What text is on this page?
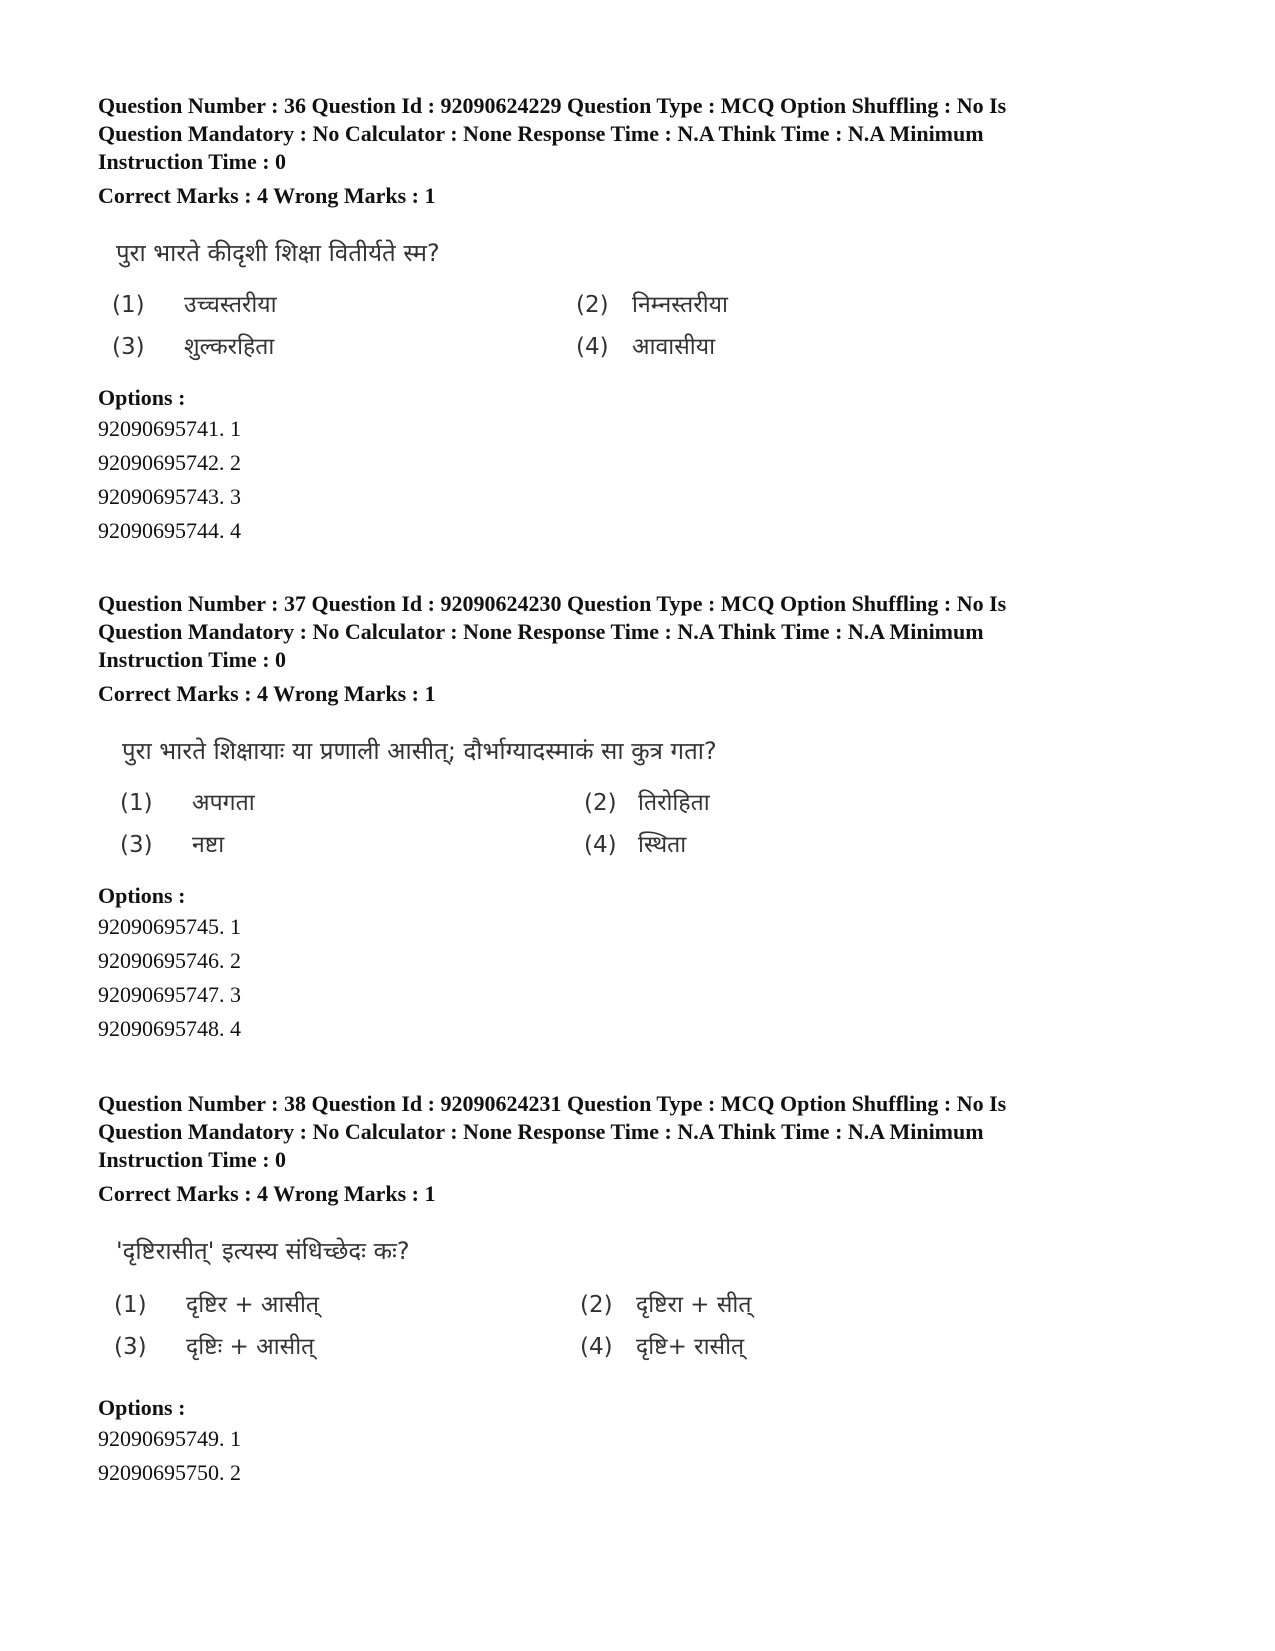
Question Number : 36 Question Id : 92090624229 Question Type : MCQ Option Shuffling : No Is
Question Mandatory : No Calculator : None Response Time : N.A Think Time : N.A Minimum
Instruction Time : 0
Correct Marks : 4 Wrong Marks : 1
पुरा भारते कीदृशी शिक्षा वितीर्यते स्म?
(1) उच्चस्तरीया	(2) निम्नस्तरीया
(3) शुल्करहिता	(4) आवासीया
Options :
92090695741. 1
92090695742. 2
92090695743. 3
92090695744. 4
Question Number : 37 Question Id : 92090624230 Question Type : MCQ Option Shuffling : No Is
Question Mandatory : No Calculator : None Response Time : N.A Think Time : N.A Minimum
Instruction Time : 0
Correct Marks : 4 Wrong Marks : 1
पुरा भारते शिक्षायाः या प्रणाली आसीत्; दौर्भाग्यादस्माकं सा कुत्र गता?
(1) अपगता	(2) तिरोहिता
(3) नष्टा	(4) स्थिता
Options :
92090695745. 1
92090695746. 2
92090695747. 3
92090695748. 4
Question Number : 38 Question Id : 92090624231 Question Type : MCQ Option Shuffling : No Is
Question Mandatory : No Calculator : None Response Time : N.A Think Time : N.A Minimum
Instruction Time : 0
Correct Marks : 4 Wrong Marks : 1
'दृष्टिरासीत्' इत्यस्य संधिच्छेदः कः?
(1) दृष्टिर + आसीत्	(2) दृष्टिरा + सीत्
(3) दृष्टिः + आसीत्	(4) दृष्टि+ रासीत्
Options :
92090695749. 1
92090695750. 2
